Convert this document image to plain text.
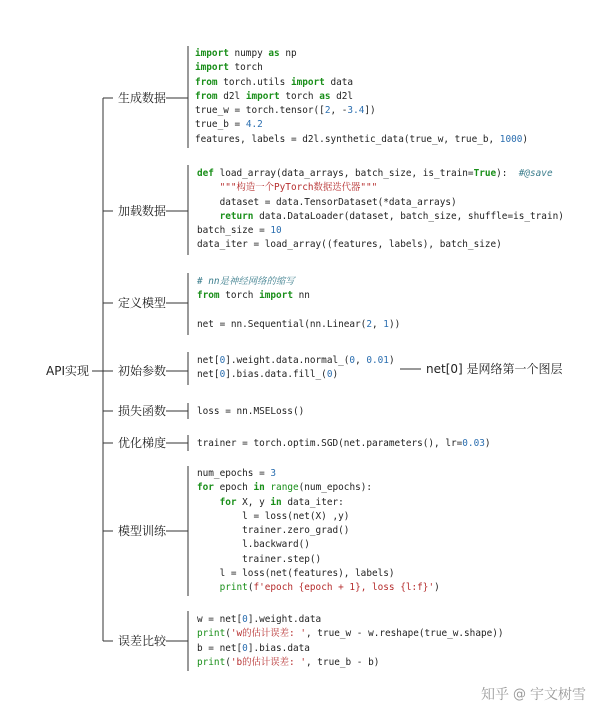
API实现
生成数据
加载数据
定义模型
初始参数
损失函数
优化梯度
模型训练
误差比较
net[0] 是网络第一个图层
import numpy as np
import torch
from torch.utils import data
from d2l import torch as d2l
true_w = torch.tensor([2, -3.4])
true_b = 4.2
features, labels = d2l.synthetic_data(true_w, true_b, 1000)
def load_array(data_arrays, batch_size, is_train=True):  #@save
"""构造一个PyTorch数据迭代器"""
dataset = data.TensorDataset(*data_arrays)
return data.DataLoader(dataset, batch_size, shuffle=is_train)
batch_size = 10
data_iter = load_array((features, labels), batch_size)
# nn是神经网络的缩写
from torch import nn
net = nn.Sequential(nn.Linear(2, 1))
net[0].weight.data.normal_(0, 0.01)
net[0].bias.data.fill_(0)
loss = nn.MSELoss()
trainer = torch.optim.SGD(net.parameters(), lr=0.03)
num_epochs = 3
for epoch in range(num_epochs):
for X, y in data_iter:
l = loss(net(X) ,y)
trainer.zero_grad()
l.backward()
trainer.step()
l = loss(net(features), labels)
print(f'epoch {epoch + 1}, loss {l:f}')
w = net[0].weight.data
print('w的估计误差: ', true_w - w.reshape(true_w.shape))
b = net[0].bias.data
print('b的估计误差: ', true_b - b)
知乎 @ 宇文树雪
